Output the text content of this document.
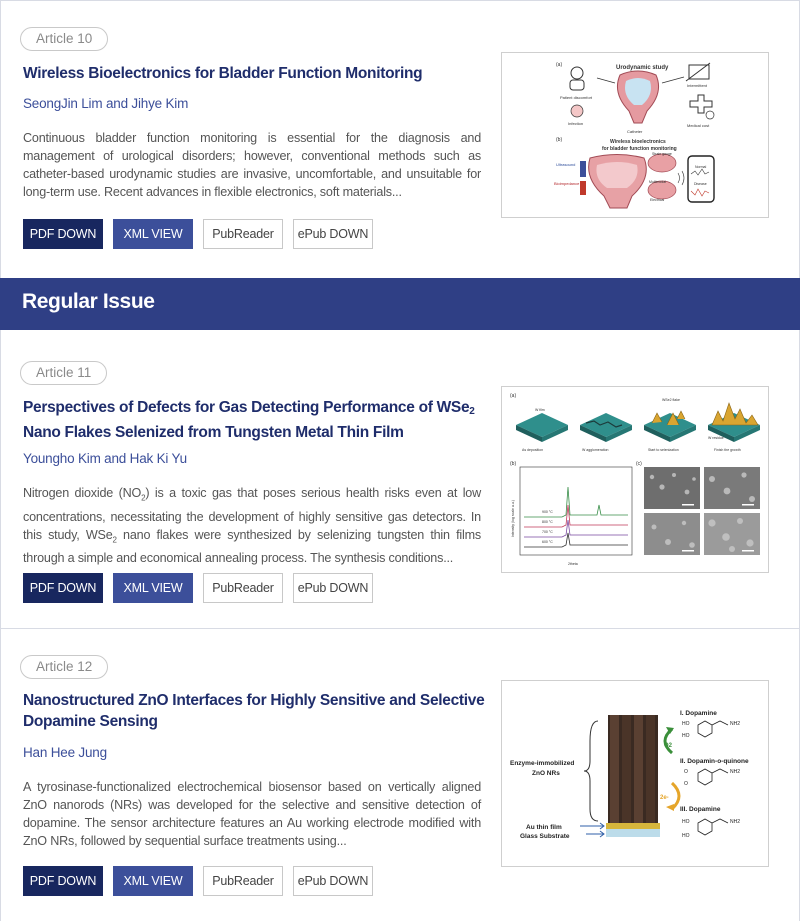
Article 10
Wireless Bioelectronics for Bladder Function Monitoring
SeongJin Lim and Jihye Kim
Continuous bladder function monitoring is essential for the diagnosis and management of urological disorders; however, conventional methods such as catheter-based urodynamic studies are invasive, uncomfortable, and unsuitable for long-term use. Recent advances in flexible electronics, soft materials...
PDF DOWN	XML VIEW	PubReader	ePub DOWN
(a)	Urodynamic study
Patient discomfort
Intermittent
Infection
Catheter
Medical cost
(b)	Wireless bioelectronics
for bladder function monitoring
Ultrasound
Bioimpedance
Strain gauge
Multimodal
Electrical
Normal
Disease
Regular Issue
Article 11
Perspectives of Defects for Gas Detecting Performance of WSe$_2$
Nano Flakes Selenized from Tungsten Metal Thin Film
Youngho Kim and Hak Ki Yu
Nitrogen dioxide $(NO_2)$ is a toxic gas that poses serious health risks even at low concentrations, necessitating the development of highly sensitive gas detectors. In this study, WSe$_2$ nano flakes were synthesized by selenizing tungsten thin films through a simple and economical annealing process. The synthesis conditions...
PDF DOWN	XML VIEW	PubReader	ePub DOWN
(a)
W film
WSe2 flake
As deposition	W agglomeration	Start to selenization
W residue
Finish the growth
(b)
Intensity (log scale a.u.)	900 °C
800 °C
700 °C
600 °C
2theta
(c)
Article 12
Nanostructured ZnO Interfaces for Highly Sensitive and Selective Dopamine Sensing
Han Hee Jung
A tyrosinase-functionalized electrochemical biosensor based on vertically aligned ZnO nanorods (NRs) was developed for the selective and sensitive detection of dopamine. The sensor architecture features an Au working electrode modified with ZnO NRs, followed by sequential surface treatments using...
PDF DOWN	XML VIEW	PubReader	ePub DOWN
Enzyme-immobilized
ZnO NRs
Au thin film
Glass Substrate
O2
2e-
I. Dopamine
HO
HO
NH2
II. Dopamin-o-quinone
O
O
NH2
III. Dopamine
HO
HO
NH2
